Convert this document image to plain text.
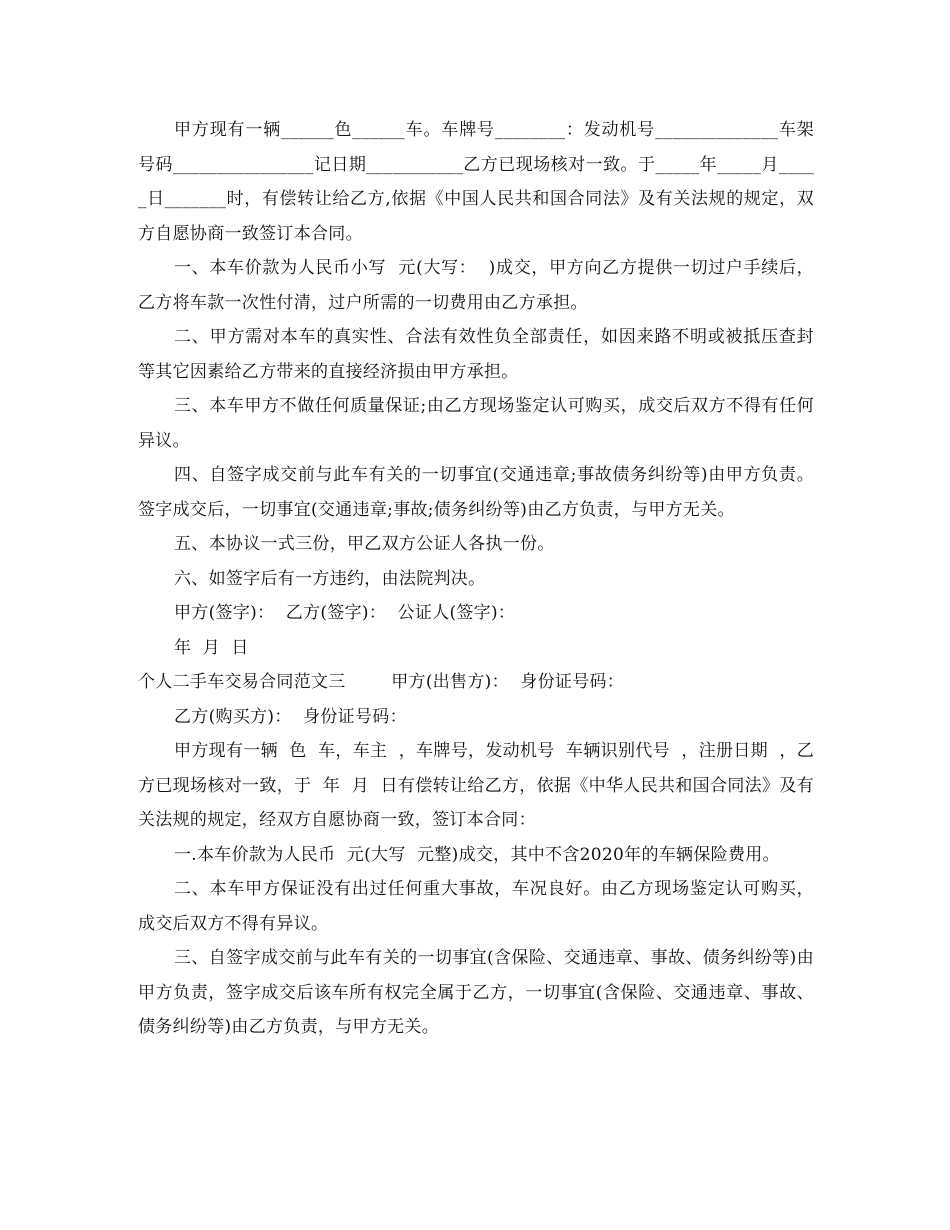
甲方现有一辆______色______车。车牌号________：发动机号______________车架号码________________记日期___________乙方已现场核对一致。于_____年_____月_____日_______时，有偿转让给乙方,依据《中国人民共和国合同法》及有关法规的规定，双方自愿协商一致签订本合同。

一、本车价款为人民币小写  元(大写：  )成交，甲方向乙方提供一切过户手续后，乙方将车款一次性付清，过户所需的一切费用由乙方承担。

二、甲方需对本车的真实性、合法有效性负全部责任，如因来路不明或被抵压查封等其它因素给乙方带来的直接经济损由甲方承担。

三、本车甲方不做任何质量保证;由乙方现场鉴定认可购买，成交后双方不得有任何异议。

四、自签字成交前与此车有关的一切事宜(交通违章;事故债务纠纷等)由甲方负责。签字成交后，一切事宜(交通违章;事故;债务纠纷等)由乙方负责，与甲方无关。

五、本协议一式三份，甲乙双方公证人各执一份。

六、如签字后有一方违约，由法院判决。

甲方(签字)：  乙方(签字)：  公证人(签字)：

年  月  日

个人二手车交易合同范文三        甲方(出售方)：  身份证号码：

乙方(购买方)：  身份证号码：

甲方现有一辆  色  车，车主  ，车牌号，发动机号  车辆识别代号  ，注册日期  ，乙方已现场核对一致，于  年  月  日有偿转让给乙方，依据《中华人民共和国合同法》及有关法规的规定，经双方自愿协商一致，签订本合同：

一.本车价款为人民币  元(大写  元整)成交，其中不含2020年的车辆保险费用。

二、本车甲方保证没有出过任何重大事故，车况良好。由乙方现场鉴定认可购买，成交后双方不得有异议。

三、自签字成交前与此车有关的一切事宜(含保险、交通违章、事故、债务纠纷等)由甲方负责，签字成交后该车所有权完全属于乙方，一切事宜(含保险、交通违章、事故、债务纠纷等)由乙方负责，与甲方无关。
